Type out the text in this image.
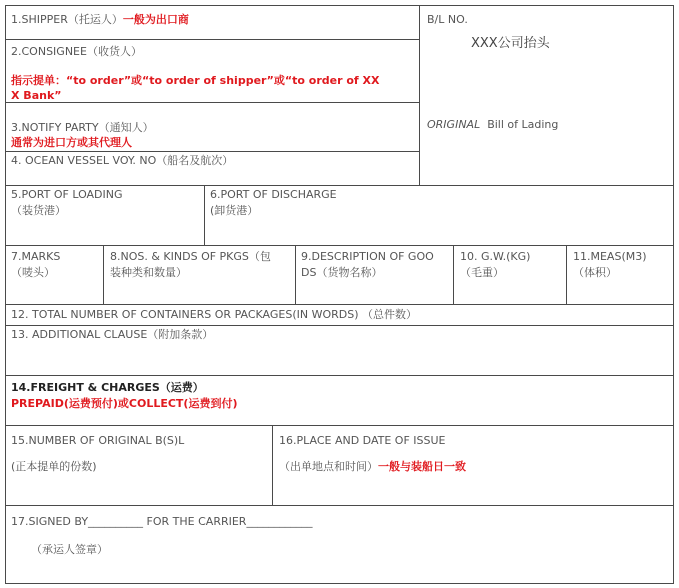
1.SHIPPER（托运人）一般为出口商	B/L NO.
XXX公司抬头
2.CONSIGNEE（收货人）
指示提单：“to order”或“to order of shipper”或“to order of XX
X Bank”
ORIGINAL  Bill of Lading
3.NOTIFY PARTY（通知人）
通常为进口方或其代理人
4. OCEAN VESSEL VOY. NO（船名及航次）
5.PORT OF LOADING
（装货港）
6.PORT OF DISCHARGE
(卸货港）
7.MARKS
（唛头）
8.NOS. & KINDS OF PKGS（包
装种类和数量）
9.DESCRIPTION OF GOO
DS（货物名称）
10. G.W.(KG)
（毛重）
11.MEAS(M3)
（体积）
12. TOTAL NUMBER OF CONTAINERS OR PACKAGES(IN WORDS) （总件数）
13. ADDITIONAL CLAUSE（附加条款）
14.FREIGHT & CHARGES（运费）
PREPAID(运费预付)或COLLECT(运费到付)
15.NUMBER OF ORIGINAL B(S)L
(正本提单的份数)
16.PLACE AND DATE OF ISSUE
（出单地点和时间）一般与装船日一致
17.SIGNED BY__________ FOR THE CARRIER____________
（承运人签章）
